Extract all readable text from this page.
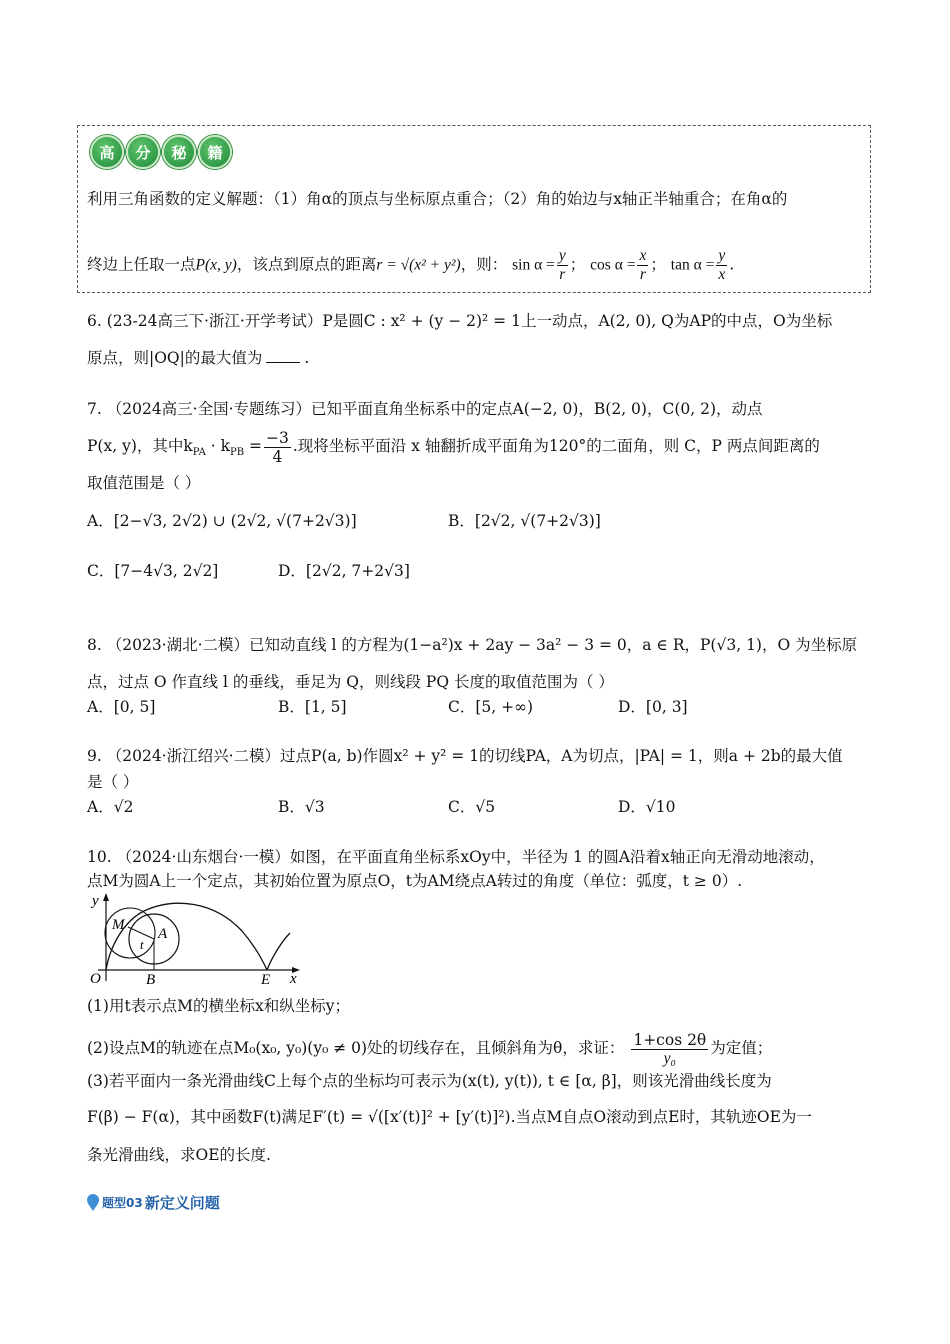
高	分	秘	籍
利用三角函数的定义解题：（1）角α的顶点与坐标原点重合；（2）角的始边与x轴正半轴重合；在角α的
终边上任取一点P(x, y)，该点到原点的距离r = √(x² + y²)，则： $\sin \alpha = \frac{y}{r}$ ； $\cos \alpha = \frac{x}{r}$ ； $\tan \alpha = \frac{y}{x}$ .
6. (23-24高三下·浙江·开学考试）P是圆C : x² + (y − 2)² = 1上一动点，A(2, 0), Q为AP的中点，O为坐标
原点，则|OQ|的最大值为	.
7. （2024高三·全国·专题练习）已知平面直角坐标系中的定点A(−2, 0)，B(2, 0)，C(0, 2)，动点
P(x, y)，其中$k_{PA} \cdot k_{PB} = \frac{-3}{4}$ .现将坐标平面沿 x 轴翻折成平面角为120°的二面角，则 C，P 两点间距离的
取值范围是（ ）
A．[2−√3, 2√2) ∪ (2√2, √(7+2√3)]	B．[2√2, √(7+2√3)]
C．[7−4√3, 2√2]	D．[2√2, 7+2√3]
8. （2023·湖北·二模）已知动直线 l 的方程为(1−a²)x + 2ay − 3a² − 3 = 0，a ∈ R，P(√3, 1)，O 为坐标原
点，过点 O 作直线 l 的垂线，垂足为 Q，则线段 PQ 长度的取值范围为（ ）
A．[0, 5]	B．[1, 5]	C．[5, +∞)	D．[0, 3]
9. （2024·浙江绍兴·二模）过点P(a, b)作圆x² + y² = 1的切线PA，A为切点，|PA| = 1，则a + 2b的最大值
是（ ）
A．√2	B．√3	C．√5	D．√10
10. （2024·山东烟台·一模）如图，在平面直角坐标系xOy中，半径为 1 的圆A沿着x轴正向无滑动地滚动，
点M为圆A上一个定点，其初始位置为原点O，t为AM绕点A转过的角度（单位：弧度，t ≥ 0）.
y
x
O
M
t
A
B	E
(1)用t表示点M的横坐标x和纵坐标y；
(2)设点M的轨迹在点M₀(x₀, y₀)(y₀ ≠ 0)处的切线存在，且倾斜角为θ，求证： $\frac{1+\cos 2\theta}{\text{y₀}}$ 为定值；
(3)若平面内一条光滑曲线C上每个点的坐标均可表示为(x(t), y(t)), t ∈ [α, β]，则该光滑曲线长度为
F(β) − F(α)，其中函数F(t)满足F′(t) = √([x′(t)]² + [y′(t)]²).当点M自点O滚动到点E时，其轨迹OE为一
条光滑曲线，求OE的长度.
题型03 新定义问题
